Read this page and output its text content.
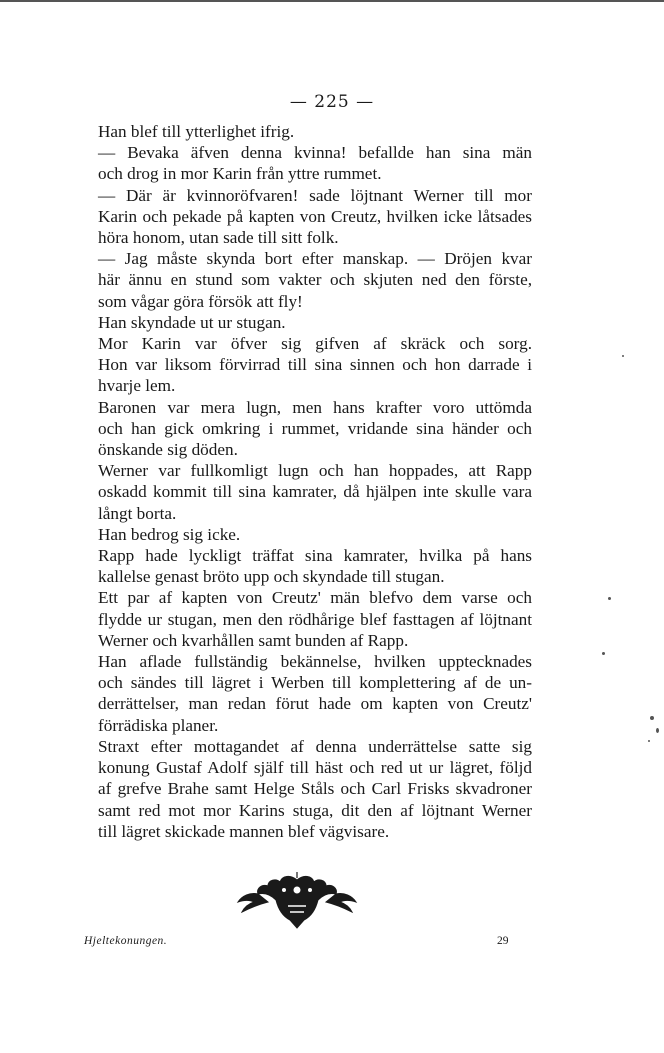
— 225 —
Han blef till ytterlighet ifrig.
— Bevaka äfven denna kvinna! befallde han sina män
och drog in mor Karin från yttre rummet.
— Där är kvinnoröfvaren! sade löjtnant Werner till mor
Karin och pekade på kapten von Creutz, hvilken icke låtsades
höra honom, utan sade till sitt folk.
— Jag måste skynda bort efter manskap. — Dröjen kvar
här ännu en stund som vakter och skjuten ned den förste,
som vågar göra försök att fly!
Han skyndade ut ur stugan.
Mor Karin var öfver sig gifven af skräck och sorg.
Hon var liksom förvirrad till sina sinnen och hon darrade i
hvarje lem.
Baronen var mera lugn, men hans krafter voro uttömda
och han gick omkring i rummet, vridande sina händer och
önskande sig döden.
Werner var fullkomligt lugn och han hoppades, att Rapp
oskadd kommit till sina kamrater, då hjälpen inte skulle vara
långt borta.
Han bedrog sig icke.
Rapp hade lyckligt träffat sina kamrater, hvilka på hans
kallelse genast bröto upp och skyndade till stugan.
Ett par af kapten von Creutz' män blefvo dem varse och
flydde ur stugan, men den rödhårige blef fasttagen af löjtnant
Werner och kvarhållen samt bunden af Rapp.
Han aflade fullständig bekännelse, hvilken upptecknades
och sändes till lägret i Werben till komplettering af de un-
derrättelser, man redan förut hade om kapten von Creutz'
förrädiska planer.
Straxt efter mottagandet af denna underrättelse satte sig
konung Gustaf Adolf själf till häst och red ut ur lägret, följd
af grefve Brahe samt Helge Ståls och Carl Frisks skvadroner
samt red mot mor Karins stuga, dit den af löjtnant Werner
till lägret skickade mannen blef vägvisare.
Hjeltekonungen.	29
